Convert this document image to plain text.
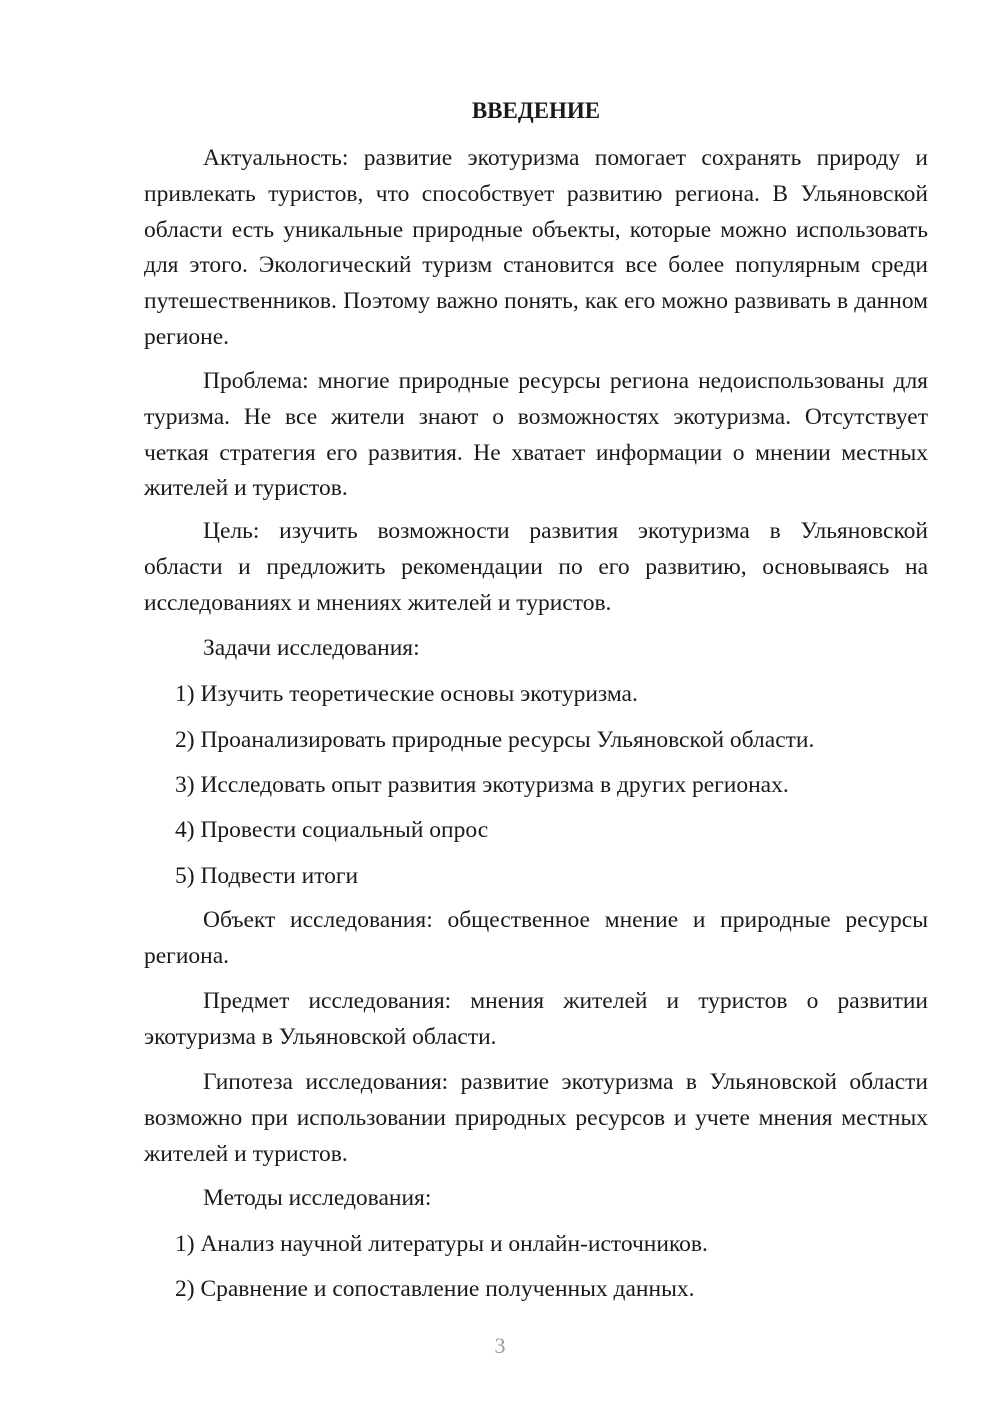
ВВЕДЕНИЕ

Актуальность: развитие экотуризма помогает сохранять природу и привлекать туристов, что способствует развитию региона. В Ульяновской области есть уникальные природные объекты, которые можно использовать для этого. Экологический туризм становится все более популярным среди путешественников. Поэтому важно понять, как его можно развивать в данном регионе.

Проблема: многие природные ресурсы региона недоиспользованы для туризма. Не все жители знают о возможностях экотуризма. Отсутствует четкая стратегия его развития. Не хватает информации о мнении местных жителей и туристов.

Цель: изучить возможности развития экотуризма в Ульяновской области и предложить рекомендации по его развитию, основываясь на исследованиях и мнениях жителей и туристов.

Задачи исследования:

1) Изучить теоретические основы экотуризма.

2) Проанализировать природные ресурсы Ульяновской области.

3) Исследовать опыт развития экотуризма в других регионах.

4) Провести социальный опрос

5) Подвести итоги

Объект исследования: общественное мнение и природные ресурсы региона.

Предмет исследования: мнения жителей и туристов о развитии экотуризма в Ульяновской области.

Гипотеза исследования: развитие экотуризма в Ульяновской области возможно при использовании природных ресурсов и учете мнения местных жителей и туристов.

Методы исследования:

1) Анализ научной литературы и онлайн-источников.

2) Сравнение и сопоставление полученных данных.

3
